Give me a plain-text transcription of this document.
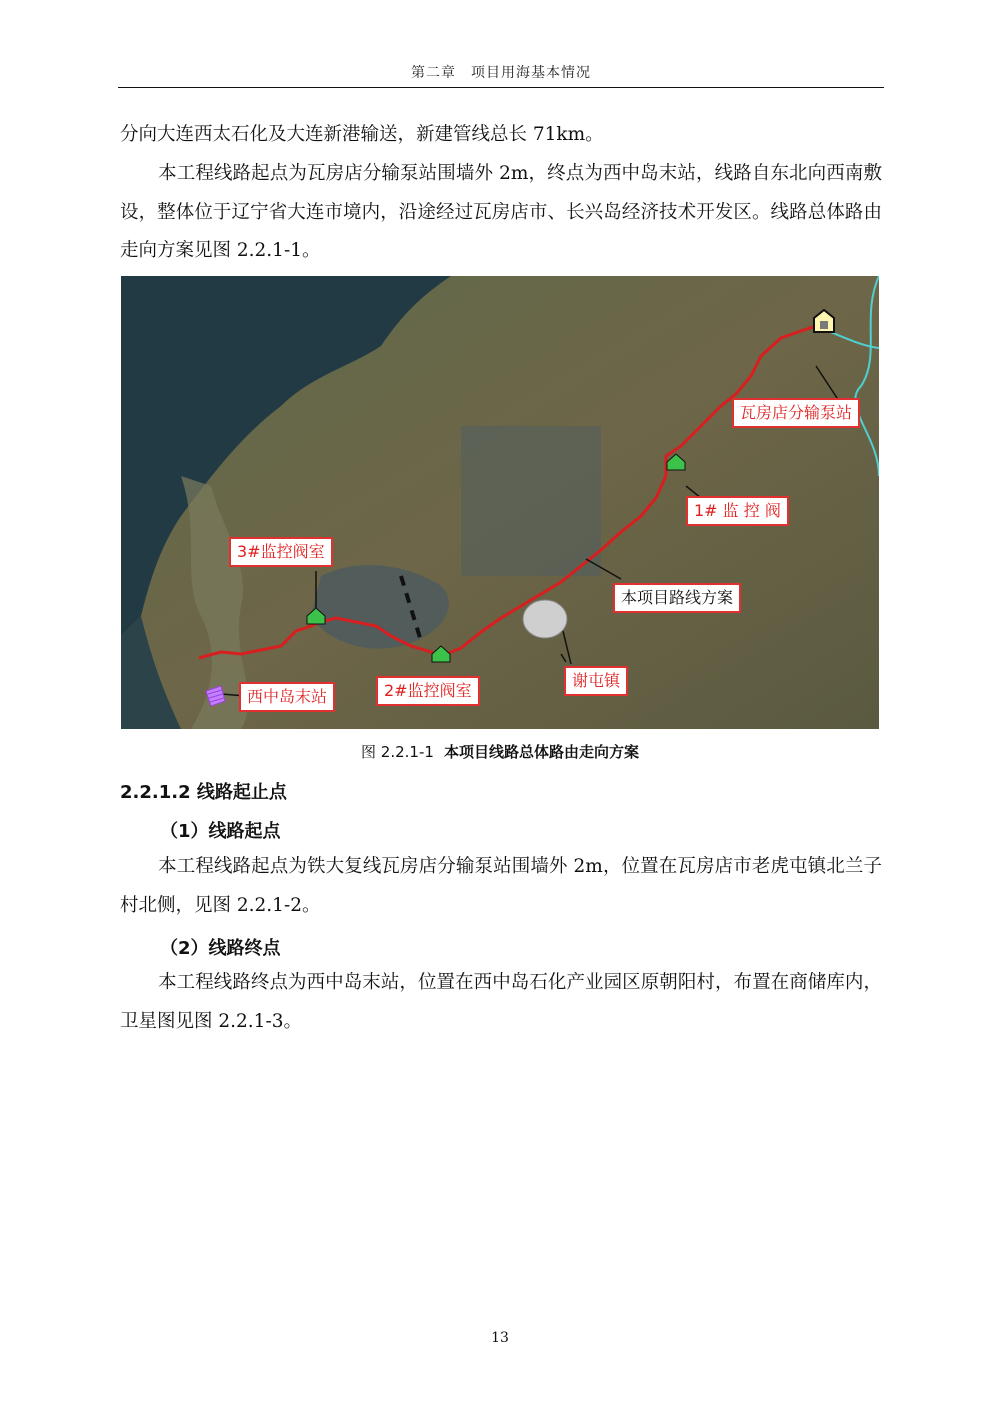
第二章　项目用海基本情况

分向大连西太石化及大连新港输送，新建管线总长 71km。

本工程线路起点为瓦房店分输泵站围墙外 2m，终点为西中岛末站，线路自东北向西南敷设，整体位于辽宁省大连市境内，沿途经过瓦房店市、长兴岛经济技术开发区。线路总体路由走向方案见图 2.2.1-1。

瓦房店分输泵站
1# 监 控 阀
3#监控阀室
本项目路线方案
2#监控阀室
西中岛末站
谢屯镇
图 2.2.1-1 本项目线路总体路由走向方案
2.2.1.2 线路起止点
（1）线路起点

本工程线路起点为铁大复线瓦房店分输泵站围墙外 2m，位置在瓦房店市老虎屯镇北兰子村北侧，见图 2.2.1-2。

（2）线路终点

本工程线路终点为西中岛末站，位置在西中岛石化产业园区原朝阳村，布置在商储库内，卫星图见图 2.2.1-3。

13
